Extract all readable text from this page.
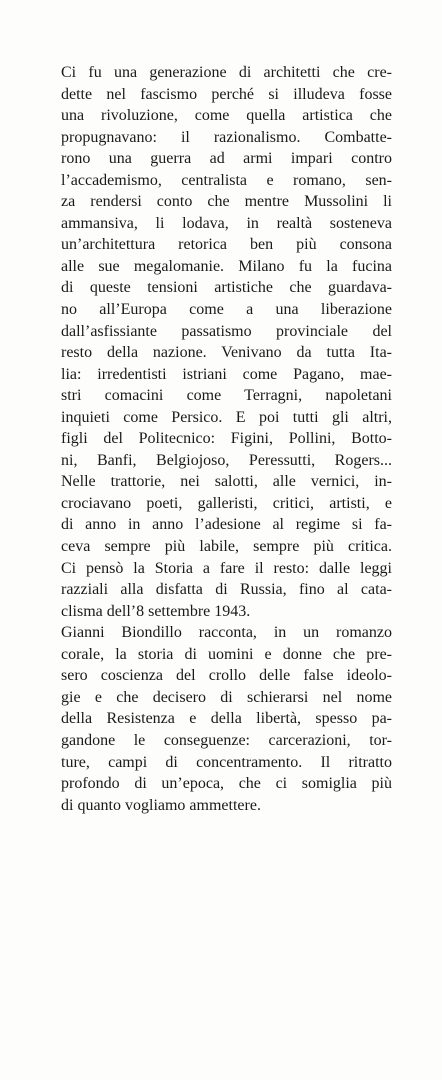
Ci fu una generazione di architetti che cre-
dette nel fascismo perché si illudeva fosse
una rivoluzione, come quella artistica che
propugnavano: il razionalismo. Combatte-
rono una guerra ad armi impari contro
l’accademismo, centralista e romano, sen-
za rendersi conto che mentre Mussolini li
ammansiva, li lodava, in realtà sosteneva
un’architettura retorica ben più consona
alle sue megalomanie. Milano fu la fucina
di queste tensioni artistiche che guardava-
no all’Europa come a una liberazione
dall’asfissiante passatismo provinciale del
resto della nazione. Venivano da tutta Ita-
lia: irredentisti istriani come Pagano, mae-
stri comacini come Terragni, napoletani
inquieti come Persico. E poi tutti gli altri,
figli del Politecnico: Figini, Pollini, Botto-
ni, Banfi, Belgiojoso, Peressutti, Rogers...
Nelle trattorie, nei salotti, alle vernici, in-
crociavano poeti, galleristi, critici, artisti, e
di anno in anno l’adesione al regime si fa-
ceva sempre più labile, sempre più critica.
Ci pensò la Storia a fare il resto: dalle leggi
razziali alla disfatta di Russia, fino al cata-
clisma dell’8 settembre 1943.
Gianni Biondillo racconta, in un romanzo
corale, la storia di uomini e donne che pre-
sero coscienza del crollo delle false ideolo-
gie e che decisero di schierarsi nel nome
della Resistenza e della libertà, spesso pa-
gandone le conseguenze: carcerazioni, tor-
ture, campi di concentramento. Il ritratto
profondo di un’epoca, che ci somiglia più
di quanto vogliamo ammettere.
